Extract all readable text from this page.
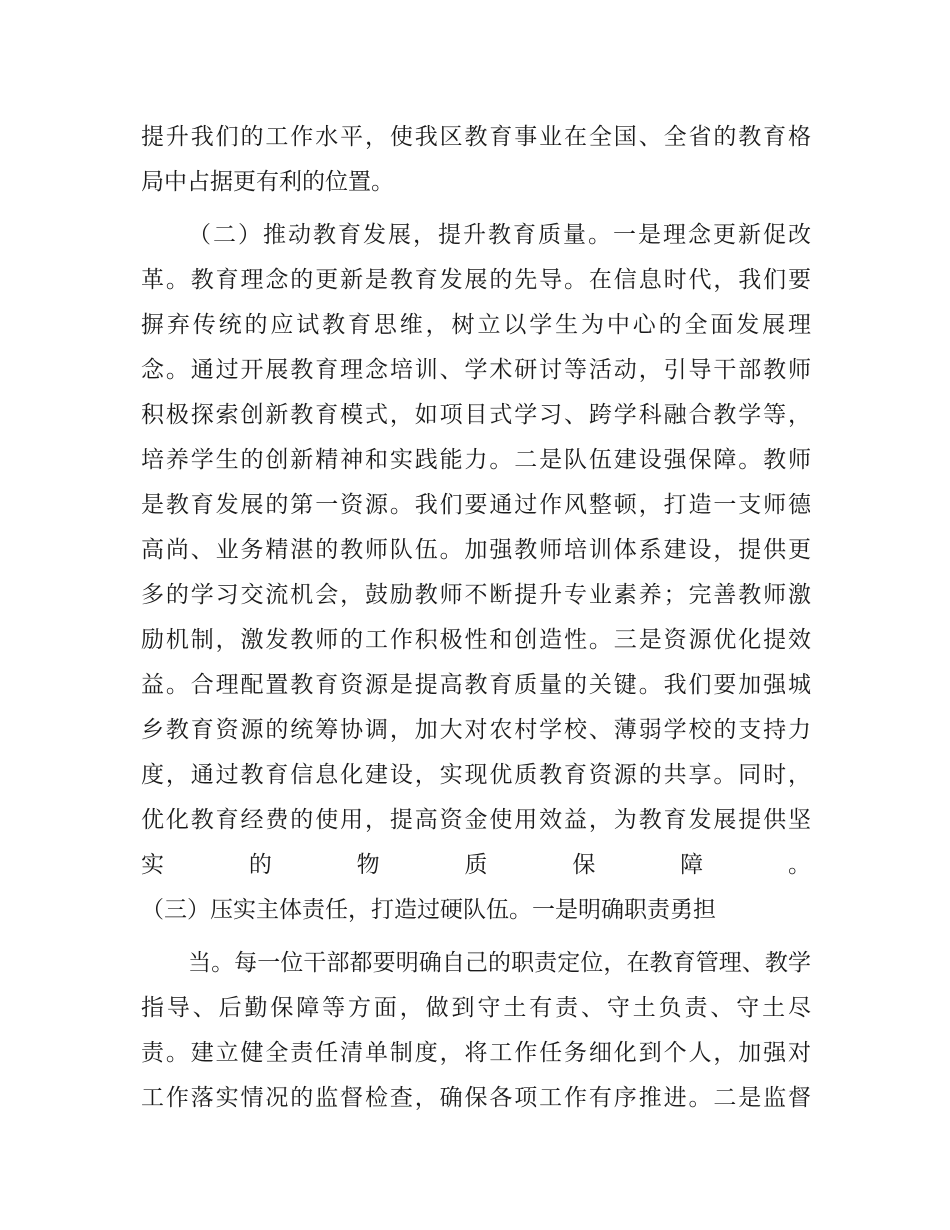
提升我们的工作水平，使我区教育事业在全国、全省的教育格
局中占据更有利的位置。
（二）推动教育发展，提升教育质量。一是理念更新促改
革。教育理念的更新是教育发展的先导。在信息时代，我们要
摒弃传统的应试教育思维，树立以学生为中心的全面发展理
念。通过开展教育理念培训、学术研讨等活动，引导干部教师
积极探索创新教育模式，如项目式学习、跨学科融合教学等，
培养学生的创新精神和实践能力。二是队伍建设强保障。教师
是教育发展的第一资源。我们要通过作风整顿，打造一支师德
高尚、业务精湛的教师队伍。加强教师培训体系建设，提供更
多的学习交流机会，鼓励教师不断提升专业素养；完善教师激
励机制，激发教师的工作积极性和创造性。三是资源优化提效
益。合理配置教育资源是提高教育质量的关键。我们要加强城
乡教育资源的统筹协调，加大对农村学校、薄弱学校的支持力
度，通过教育信息化建设，实现优质教育资源的共享。同时，
优化教育经费的使用，提高资金使用效益，为教育发展提供坚
实的物质保障。
（三）压实主体责任，打造过硬队伍。一是明确职责勇担
当。每一位干部都要明确自己的职责定位，在教育管理、教学
指导、后勤保障等方面，做到守土有责、守土负责、守土尽
责。建立健全责任清单制度，将工作任务细化到个人，加强对
工作落实情况的监督检查，确保各项工作有序推进。二是监督
